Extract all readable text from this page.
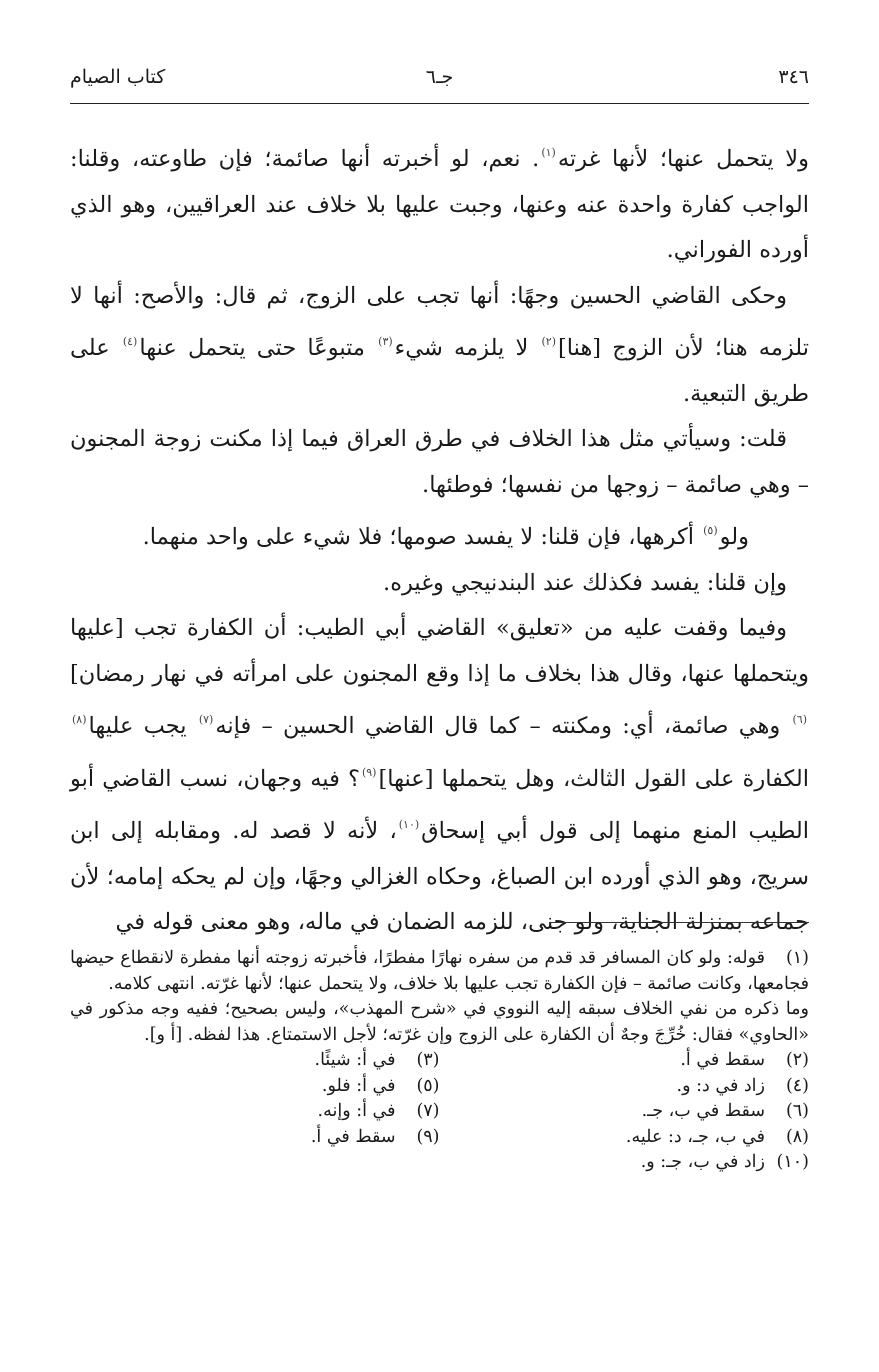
٣٤٦
جـ٦
كتاب الصيام

ولا يتحمل عنها؛ لأنها غرته$^{(١)}$. نعم، لو أخبرته أنها صائمة؛ فإن طاوعته، وقلنا: الواجب كفارة واحدة عنه وعنها، وجبت عليها بلا خلاف عند العراقيين، وهو الذي أورده الفوراني.

وحكى القاضي الحسين وجهًا: أنها تجب على الزوج، ثم قال: والأصح: أنها لا تلزمه هنا؛ لأن الزوج [هنا]$^{(٢)}$ لا يلزمه شيء$^{(٣)}$ متبوعًا حتى يتحمل عنها$^{(٤)}$ على طريق التبعية.

قلت: وسيأتي مثل هذا الخلاف في طرق العراق فيما إذا مكنت زوجة المجنون – وهي صائمة – زوجها من نفسها؛ فوطئها.

ولو$^{(٥)}$ أكرهها، فإن قلنا: لا يفسد صومها؛ فلا شيء على واحد منهما.

وإن قلنا: يفسد فكذلك عند البندنيجي وغيره.

وفيما وقفت عليه من «تعليق» القاضي أبي الطيب: أن الكفارة تجب [عليها ويتحملها عنها، وقال هذا بخلاف ما إذا وقع المجنون على امرأته في نهار رمضان]$^{(٦)}$ وهي صائمة، أي: ومكنته – كما قال القاضي الحسين – فإنه$^{(٧)}$ يجب عليها$^{(٨)}$ الكفارة على القول الثالث، وهل يتحملها [عنها]$^{(٩)}$؟ فيه وجهان، نسب القاضي أبو الطيب المنع منهما إلى قول أبي إسحاق$^{(١٠)}$، لأنه لا قصد له. ومقابله إلى ابن سريج، وهو الذي أورده ابن الصباغ، وحكاه الغزالي وجهًا، وإن لم يحكه إمامه؛ لأن جماعه بمنزلة الجناية، ولو جنى، للزمه الضمان في ماله، وهو معنى قوله في

(١)قوله: ولو كان المسافر قد قدم من سفره نهارًا مفطرًا، فأخبرته زوجته أنها مفطرة لانقطاع حيضها فجامعها، وكانت صائمة – فإن الكفارة تجب عليها بلا خلاف، ولا يتحمل عنها؛ لأنها غرّته. انتهى كلامه.

وما ذكره من نفي الخلاف سبقه إليه النووي في «شرح المهذب»، وليس بصحيح؛ ففيه وجه مذكور في «الحاوي» فقال: خُرِّجَ وجهٌ أن الكفارة على الزوج وإن غرّته؛ لأجل الاستمتاع. هذا لفظه. [أ و].

(٢)سقط في أ.
(٣)في أ: شيئًا.
(٤)زاد في د: و.
(٥)في أ: فلو.
(٦)سقط في ب، جـ.
(٧)في أ: وإنه.
(٨)في ب، جـ، د: عليه.
(٩)سقط في أ.
(١٠)زاد في ب، جـ: و.
